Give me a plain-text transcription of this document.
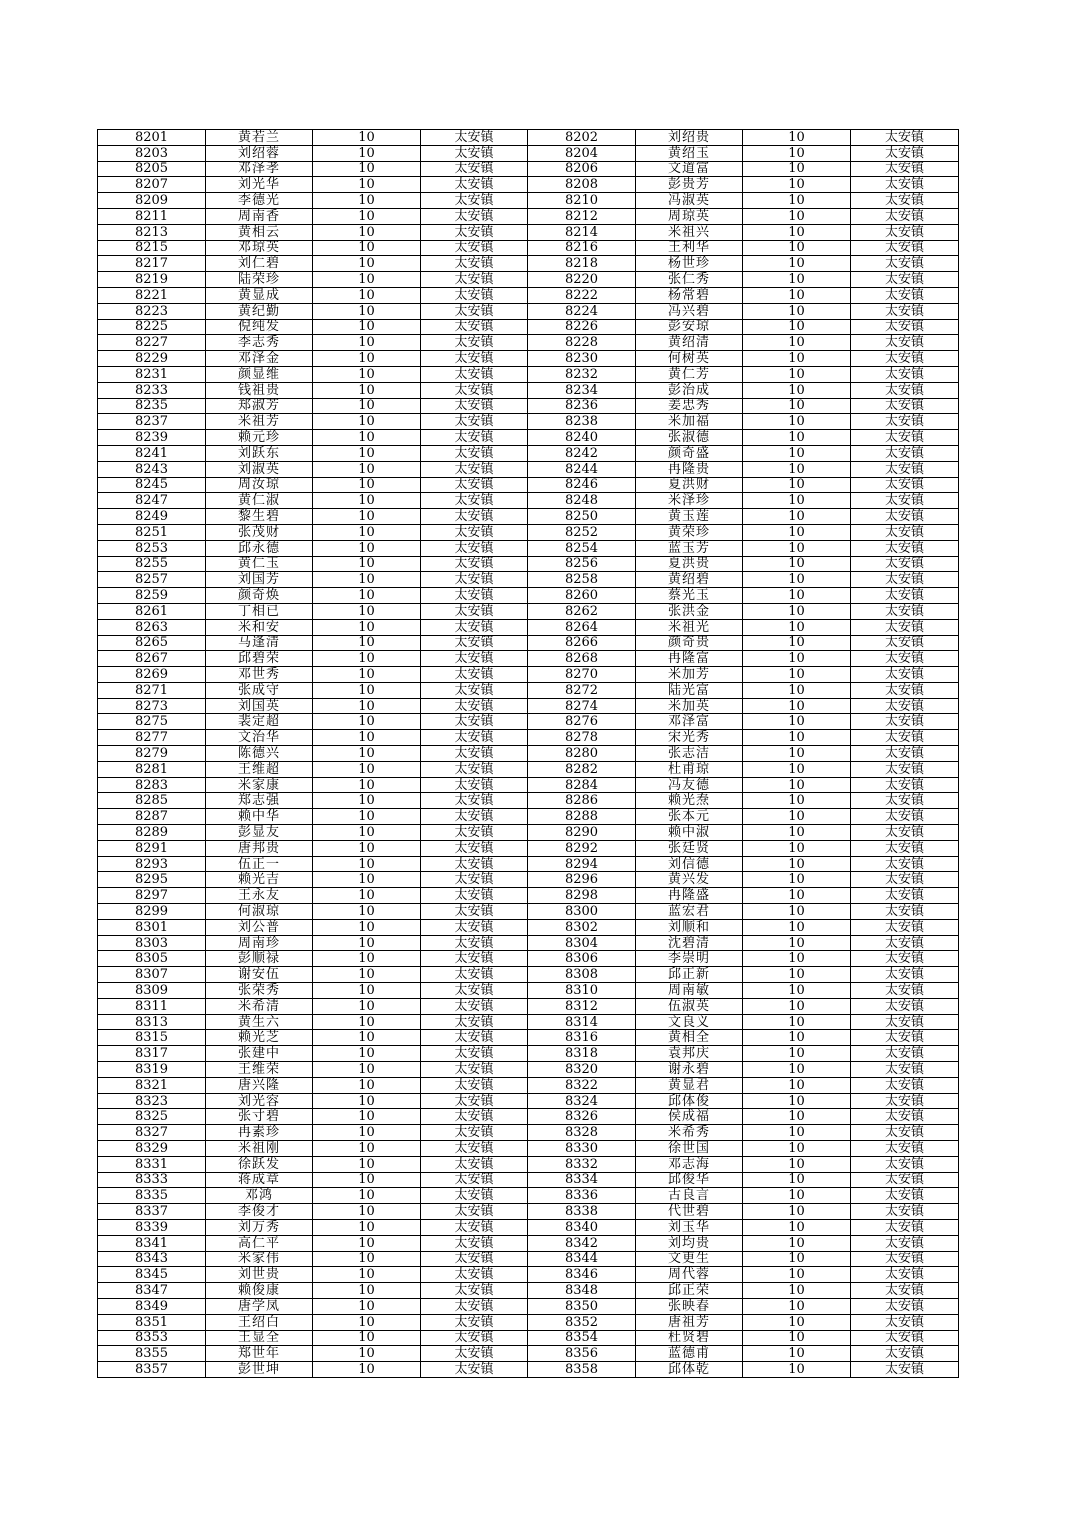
8201	黄若兰	10	太安镇	8202	刘绍贵	10	太安镇
8203	刘绍蓉	10	太安镇	8204	黄绍玉	10	太安镇
8205	邓泽孝	10	太安镇	8206	文道富	10	太安镇
8207	刘光华	10	太安镇	8208	彭贵芳	10	太安镇
8209	李德光	10	太安镇	8210	冯淑英	10	太安镇
8211	周南香	10	太安镇	8212	周琼英	10	太安镇
8213	黄相云	10	太安镇	8214	米祖兴	10	太安镇
8215	邓琼英	10	太安镇	8216	王利华	10	太安镇
8217	刘仁碧	10	太安镇	8218	杨世珍	10	太安镇
8219	陆荣珍	10	太安镇	8220	张仁秀	10	太安镇
8221	黄显成	10	太安镇	8222	杨常碧	10	太安镇
8223	黄纪勤	10	太安镇	8224	冯兴碧	10	太安镇
8225	倪纯发	10	太安镇	8226	彭安琼	10	太安镇
8227	李志秀	10	太安镇	8228	黄绍清	10	太安镇
8229	邓泽金	10	太安镇	8230	何树英	10	太安镇
8231	颜显维	10	太安镇	8232	黄仁芳	10	太安镇
8233	钱祖贵	10	太安镇	8234	彭治成	10	太安镇
8235	郑淑芳	10	太安镇	8236	姜忠秀	10	太安镇
8237	米祖芳	10	太安镇	8238	米加福	10	太安镇
8239	赖元珍	10	太安镇	8240	张淑德	10	太安镇
8241	刘跃东	10	太安镇	8242	颜奇盛	10	太安镇
8243	刘淑英	10	太安镇	8244	冉隆贵	10	太安镇
8245	周汝琼	10	太安镇	8246	夏洪财	10	太安镇
8247	黄仁淑	10	太安镇	8248	米泽珍	10	太安镇
8249	黎生碧	10	太安镇	8250	黄玉莲	10	太安镇
8251	张茂财	10	太安镇	8252	黄荣珍	10	太安镇
8253	邱永德	10	太安镇	8254	蓝玉芳	10	太安镇
8255	黄仁玉	10	太安镇	8256	夏洪贵	10	太安镇
8257	刘国芳	10	太安镇	8258	黄绍碧	10	太安镇
8259	颜奇焕	10	太安镇	8260	蔡光玉	10	太安镇
8261	丁相已	10	太安镇	8262	张洪金	10	太安镇
8263	米和安	10	太安镇	8264	米祖光	10	太安镇
8265	马逢清	10	太安镇	8266	颜奇贵	10	太安镇
8267	邱碧荣	10	太安镇	8268	冉隆富	10	太安镇
8269	邓世秀	10	太安镇	8270	米加芳	10	太安镇
8271	张成守	10	太安镇	8272	陆光富	10	太安镇
8273	刘国英	10	太安镇	8274	米加英	10	太安镇
8275	裴定超	10	太安镇	8276	邓泽富	10	太安镇
8277	文治华	10	太安镇	8278	宋光秀	10	太安镇
8279	陈德兴	10	太安镇	8280	张志洁	10	太安镇
8281	王维超	10	太安镇	8282	杜甫琼	10	太安镇
8283	米家康	10	太安镇	8284	冯友德	10	太安镇
8285	郑志强	10	太安镇	8286	赖光焘	10	太安镇
8287	赖中华	10	太安镇	8288	张本元	10	太安镇
8289	彭显友	10	太安镇	8290	赖中淑	10	太安镇
8291	唐邦贵	10	太安镇	8292	张廷贤	10	太安镇
8293	伍正一	10	太安镇	8294	刘信德	10	太安镇
8295	赖光吉	10	太安镇	8296	黄兴发	10	太安镇
8297	王永友	10	太安镇	8298	冉隆盛	10	太安镇
8299	何淑琼	10	太安镇	8300	蓝宏君	10	太安镇
8301	刘公普	10	太安镇	8302	刘顺和	10	太安镇
8303	周南珍	10	太安镇	8304	沈碧清	10	太安镇
8305	彭顺禄	10	太安镇	8306	李崇明	10	太安镇
8307	谢安伍	10	太安镇	8308	邱正新	10	太安镇
8309	张荣秀	10	太安镇	8310	周南敏	10	太安镇
8311	米希清	10	太安镇	8312	伍淑英	10	太安镇
8313	黄生六	10	太安镇	8314	文良义	10	太安镇
8315	赖光芝	10	太安镇	8316	黄相全	10	太安镇
8317	张建中	10	太安镇	8318	袁邦庆	10	太安镇
8319	王维荣	10	太安镇	8320	谢永碧	10	太安镇
8321	唐兴隆	10	太安镇	8322	黄显君	10	太安镇
8323	刘光容	10	太安镇	8324	邱体俊	10	太安镇
8325	张寸碧	10	太安镇	8326	侯成福	10	太安镇
8327	冉素珍	10	太安镇	8328	米希秀	10	太安镇
8329	米祖刚	10	太安镇	8330	徐世国	10	太安镇
8331	徐跃发	10	太安镇	8332	邓志海	10	太安镇
8333	蒋成章	10	太安镇	8334	邱俊华	10	太安镇
8335	邓鸿	10	太安镇	8336	古良言	10	太安镇
8337	李俊才	10	太安镇	8338	代世碧	10	太安镇
8339	刘万秀	10	太安镇	8340	刘玉华	10	太安镇
8341	高仁平	10	太安镇	8342	刘均贵	10	太安镇
8343	米家伟	10	太安镇	8344	文更生	10	太安镇
8345	刘世贵	10	太安镇	8346	周代蓉	10	太安镇
8347	赖俊康	10	太安镇	8348	邱正荣	10	太安镇
8349	唐学凤	10	太安镇	8350	张映春	10	太安镇
8351	王绍白	10	太安镇	8352	唐祖芳	10	太安镇
8353	王显全	10	太安镇	8354	杜贤碧	10	太安镇
8355	郑世年	10	太安镇	8356	蓝德甫	10	太安镇
8357	彭世坤	10	太安镇	8358	邱体乾	10	太安镇
